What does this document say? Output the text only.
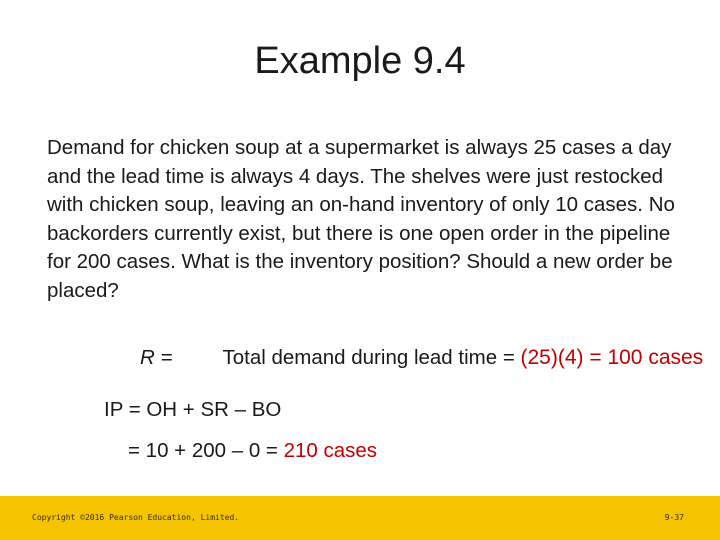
Example 9.4
Demand for chicken soup at a supermarket is always 25 cases a day and the lead time is always 4 days. The shelves were just restocked with chicken soup, leaving an on-hand inventory of only 10 cases. No backorders currently exist, but there is one open order in the pipeline for 200 cases. What is the inventory position? Should a new order be placed?
R = Total demand during lead time = (25)(4) = 100 cases
IP = OH + SR – BO
= 10 + 200 – 0 = 210 cases
Copyright ©2016 Pearson Education, Limited.	9-37
